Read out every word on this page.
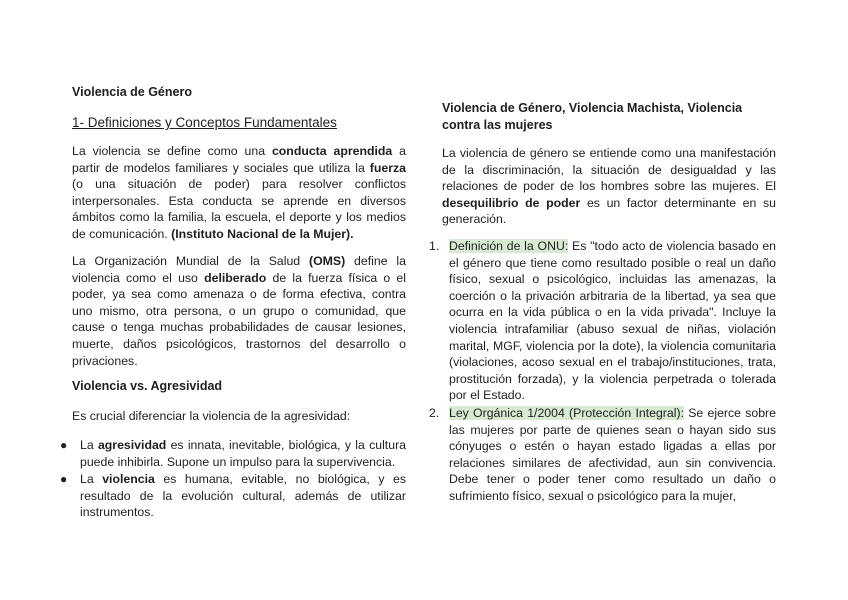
Violencia de Género
1- Definiciones y Conceptos Fundamentales

La violencia se define como una conducta aprendida a partir de modelos familiares y sociales que utiliza la fuerza (o una situación de poder) para resolver conflictos interpersonales. Esta conducta se aprende en diversos ámbitos como la familia, la escuela, el deporte y los medios de comunicación. (Instituto Nacional de la Mujer).

La Organización Mundial de la Salud (OMS) define la violencia como el uso deliberado de la fuerza física o el poder, ya sea como amenaza o de forma efectiva, contra uno mismo, otra persona, o un grupo o comunidad, que cause o tenga muchas probabilidades de causar lesiones, muerte, daños psicológicos, trastornos del desarrollo o privaciones.

Violencia vs. Agresividad

Es crucial diferenciar la violencia de la agresividad:

● La agresividad es innata, inevitable, biológica, y la cultura puede inhibirla. Supone un impulso para la supervivencia.
● La violencia es humana, evitable, no biológica, y es resultado de la evolución cultural, además de utilizar instrumentos.
Violencia de Género, Violencia Machista, Violencia contra las mujeres

La violencia de género se entiende como una manifestación de la discriminación, la situación de desigualdad y las relaciones de poder de los hombres sobre las mujeres. El desequilibrio de poder es un factor determinante en su generación.

1. Definición de la ONU: Es "todo acto de violencia basado en el género que tiene como resultado posible o real un daño físico, sexual o psicológico, incluidas las amenazas, la coerción o la privación arbitraria de la libertad, ya sea que ocurra en la vida pública o en la vida privada". Incluye la violencia intrafamiliar (abuso sexual de niñas, violación marital, MGF, violencia por la dote), la violencia comunitaria (violaciones, acoso sexual en el trabajo/instituciones, trata, prostitución forzada), y la violencia perpetrada o tolerada por el Estado.
2. Ley Orgánica 1/2004 (Protección Integral): Se ejerce sobre las mujeres por parte de quienes sean o hayan sido sus cónyuges o estén o hayan estado ligadas a ellas por relaciones similares de afectividad, aun sin convivencia. Debe tener o poder tener como resultado un daño o sufrimiento físico, sexual o psicológico para la mujer,
